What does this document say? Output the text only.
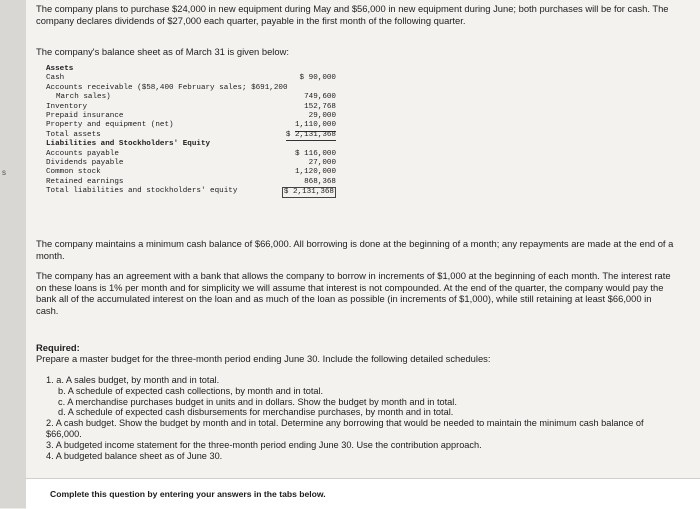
s

The company plans to purchase $24,000 in new equipment during May and $56,000 in new equipment during June; both purchases will be for cash. The company declares dividends of $27,000 each quarter, payable in the first month of the following quarter.

The company's balance sheet as of March 31 is given below:

Assets
Cash	$ 90,000
Accounts receivable ($58,400 February sales; $691,200
March sales)	749,600
Inventory	152,768
Prepaid insurance	29,000
Property and equipment (net)	1,110,000
Total assets	$ 2,131,368
Liabilities and Stockholders' Equity
Accounts payable	$ 116,000
Dividends payable	27,000
Common stock	1,120,000
Retained earnings	868,368
Total liabilities and stockholders' equity	$ 2,131,368

The company maintains a minimum cash balance of $66,000. All borrowing is done at the beginning of a month; any repayments are made at the end of a month.

The company has an agreement with a bank that allows the company to borrow in increments of $1,000 at the beginning of each month. The interest rate on these loans is 1% per month and for simplicity we will assume that interest is not compounded. At the end of the quarter, the company would pay the bank all of the accumulated interest on the loan and as much of the loan as possible (in increments of $1,000), while still retaining at least $66,000 in cash.

Required:

Prepare a master budget for the three-month period ending June 30. Include the following detailed schedules:

1. a. A sales budget, by month and in total.
b. A schedule of expected cash collections, by month and in total.
c. A merchandise purchases budget in units and in dollars. Show the budget by month and in total.
d. A schedule of expected cash disbursements for merchandise purchases, by month and in total.
2. A cash budget. Show the budget by month and in total. Determine any borrowing that would be needed to maintain the minimum cash balance of $66,000.
3. A budgeted income statement for the three-month period ending June 30. Use the contribution approach.
4. A budgeted balance sheet as of June 30.
Complete this question by entering your answers in the tabs below.
